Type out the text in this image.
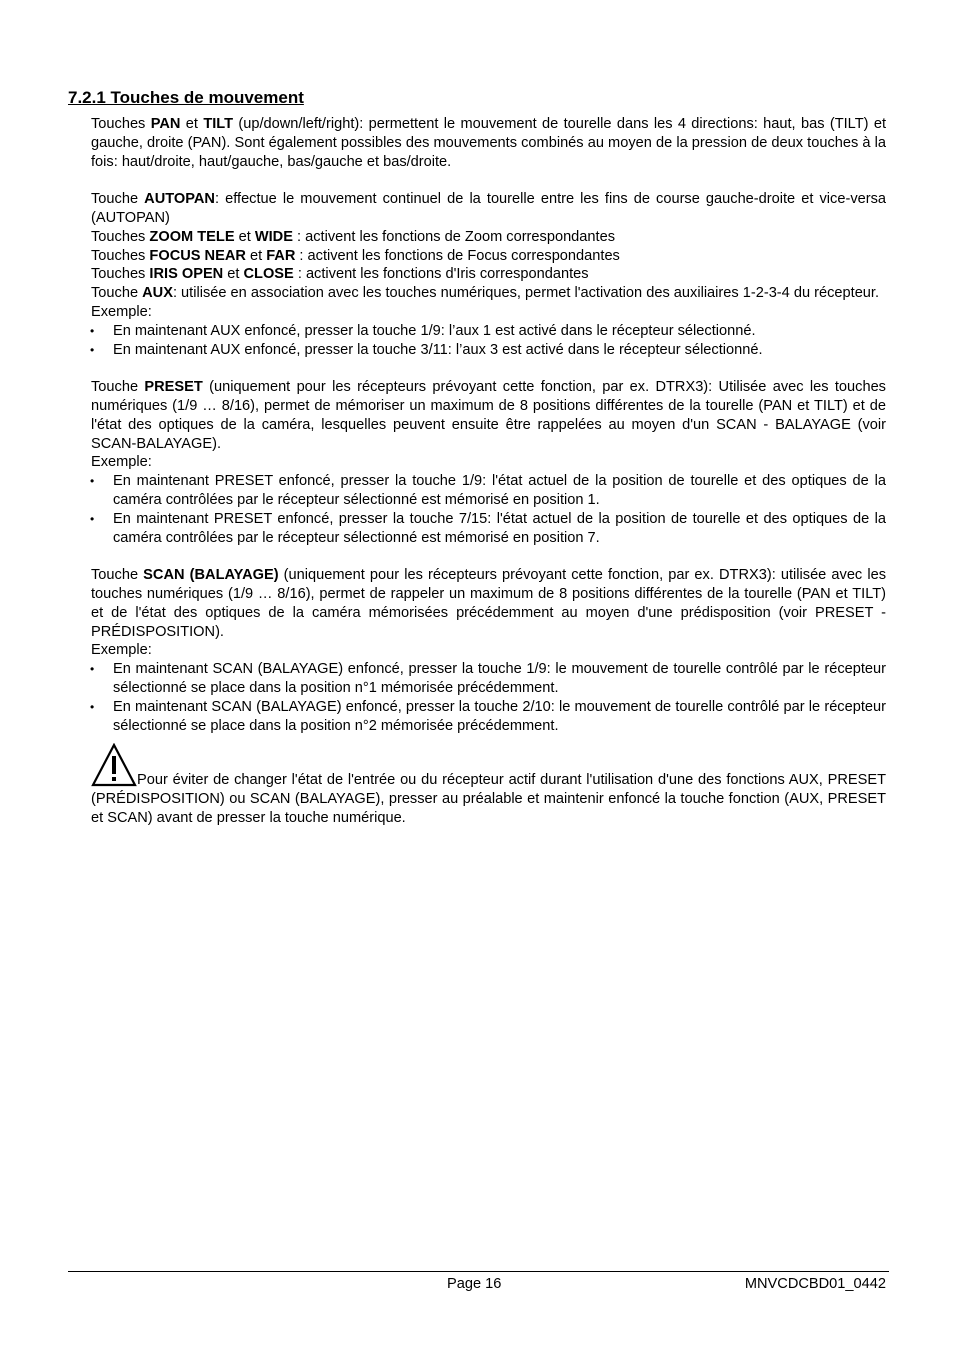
7.2.1 Touches de mouvement

Touches PAN et TILT (up/down/left/right): permettent le mouvement de tourelle dans les 4 directions: haut, bas (TILT) et gauche, droite (PAN). Sont également possibles des mouvements combinés au moyen de la pression de deux touches à la fois: haut/droite, haut/gauche, bas/gauche et bas/droite.

Touche AUTOPAN: effectue le mouvement continuel de la tourelle entre les fins de course gauche-droite et vice-versa (AUTOPAN)

Touches ZOOM TELE et WIDE : activent les fonctions de Zoom correspondantes

Touches FOCUS NEAR et FAR : activent les fonctions de Focus correspondantes

Touches IRIS OPEN et CLOSE : activent les fonctions d'Iris correspondantes

Touche AUX: utilisée en association avec les touches numériques, permet l'activation des auxiliaires 1-2-3-4 du récepteur.

Exemple:

• En maintenant AUX enfoncé, presser la touche 1/9: l’aux 1 est activé dans le récepteur sélectionné.
• En maintenant AUX enfoncé, presser la touche 3/11: l’aux 3 est activé dans le récepteur sélectionné.

Touche PRESET (uniquement pour les récepteurs prévoyant cette fonction, par ex. DTRX3): Utilisée avec les touches numériques (1/9 … 8/16), permet de mémoriser un maximum de 8 positions différentes de la tourelle (PAN et TILT) et de l'état des optiques de la caméra, lesquelles peuvent ensuite être rappelées au moyen d'un SCAN - BALAYAGE (voir SCAN-BALAYAGE).

Exemple:

• En maintenant PRESET enfoncé, presser la touche 1/9: l'état actuel de la position de tourelle et des optiques de la caméra contrôlées par le récepteur sélectionné est mémorisé en position 1.
• En maintenant PRESET enfoncé, presser la touche 7/15: l'état actuel de la position de tourelle et des optiques de la caméra contrôlées par le récepteur sélectionné est mémorisé en position 7.

Touche SCAN (BALAYAGE) (uniquement pour les récepteurs prévoyant cette fonction, par ex. DTRX3): utilisée avec les touches numériques (1/9 … 8/16), permet de rappeler un maximum de 8 positions différentes de la tourelle (PAN et TILT) et de l'état des optiques de la caméra mémorisées précédemment au moyen d'une prédisposition (voir PRESET - PRÉDISPOSITION).

Exemple:

• En maintenant SCAN (BALAYAGE) enfoncé, presser la touche 1/9: le mouvement de tourelle contrôlé par le récepteur sélectionné se place dans la position n°1 mémorisée précédemment.
• En maintenant SCAN (BALAYAGE) enfoncé, presser la touche 2/10: le mouvement de tourelle contrôlé par le récepteur sélectionné se place dans la position n°2 mémorisée précédemment.

Pour éviter de changer l'état de l'entrée ou du récepteur actif durant l'utilisation d'une des fonctions AUX, PRESET (PRÉDISPOSITION) ou SCAN (BALAYAGE), presser au préalable et maintenir enfoncé la touche fonction (AUX, PRESET et SCAN) avant de presser la touche numérique.

Page 16	MNVCDCBD01_0442
